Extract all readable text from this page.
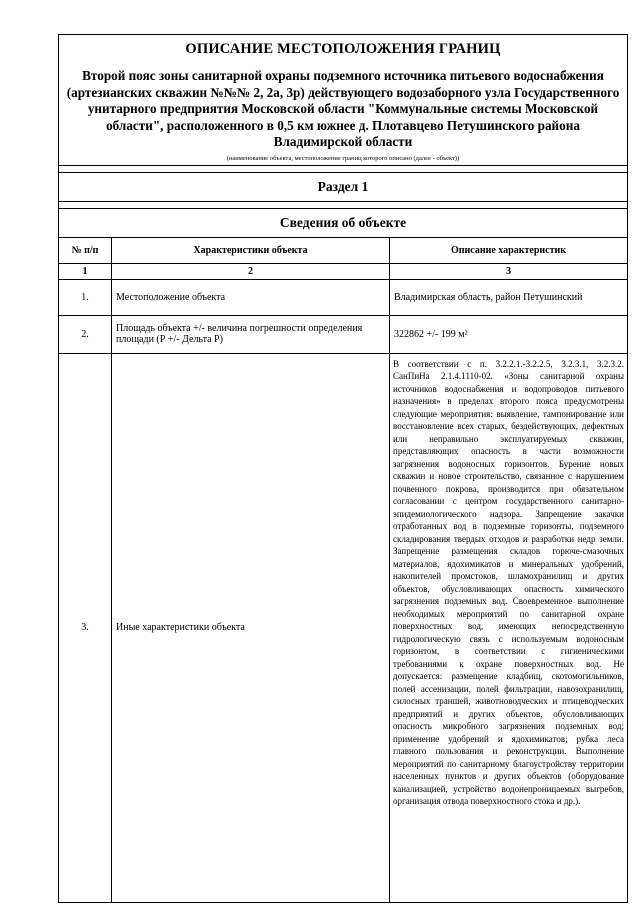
ОПИСАНИЕ МЕСТОПОЛОЖЕНИЯ ГРАНИЦ
Второй пояс зоны санитарной охраны подземного источника питьевого водоснабжения (артезианских скважин №№№ 2, 2а, 3р) действующего водозаборного узла Государственного унитарного предприятия Московской области "Коммунальные системы Московской области", расположенного в 0,5 км южнее д. Плотавцево Петушинского района Владимирской области
(наименование объекта, местоположение границ которого описано (далее - объект))
Раздел 1
Сведения об объекте
№ п/п	Характеристики объекта	Описание характеристик
1	2	3
1.	Местоположение объекта	Владимирская область, район Петушинский
2.	Площадь объекта +/- величина погрешности определения площади (Р +/- Дельта Р)	322862 +/- 199 м²
3.	Иные характеристики объекта	В соответствии с п. 3.2.2.1.-3.2.2.5, 3.2.3.1, 3.2.3.2. СанПиНа 2.1.4.1110-02. «Зоны санитарной охраны источников водоснабжения и водопроводов питьевого назначения» в пределах второго пояса предусмотрены следующие мероприятия: выявление, тампонирование или восстановление всех старых, бездействующих, дефектных или неправильно эксплуатируемых скважин, представляющих опасность в части возможности загрязнения водоносных горизонтов. Бурение новых скважин и новое строительство, связанное с нарушением почвенного покрова, производится при обязательном согласовании с центром государственного санитарно-эпидемиологического надзора. Запрещение закачки отработанных вод в подземные горизонты, подземного складирования твердых отходов и разработки недр земли. Запрещение размещения складов горюче-смазочных материалов, ядохимикатов и минеральных удобрений, накопителей промстоков, шламохранилищ и других объектов, обусловливающих опасность химического загрязнения подземных вод. Своевременное выполнение необходимых мероприятий по санитарной охране поверхностных вод, имеющих непосредственную гидрологическую связь с используемым водоносным горизонтом, в соответствии с гигиеническими требованиями к охране поверхностных вод. Не допускается: размещение кладбищ, скотомогильников, полей ассенизации, полей фильтрации, навозохранилищ, силосных траншей, животноводческих и птицеводческих предприятий и других объектов, обусловливающих опасность микробного загрязнения подземных вод; применение удобрений и ядохимикатов; рубка леса главного пользования и реконструкции. Выполнение мероприятий по санитарному благоустройству территории населенных пунктов и других объектов (оборудование канализацией, устройство водонепроницаемых выгребов, организация отвода поверхностного стока и др.).
